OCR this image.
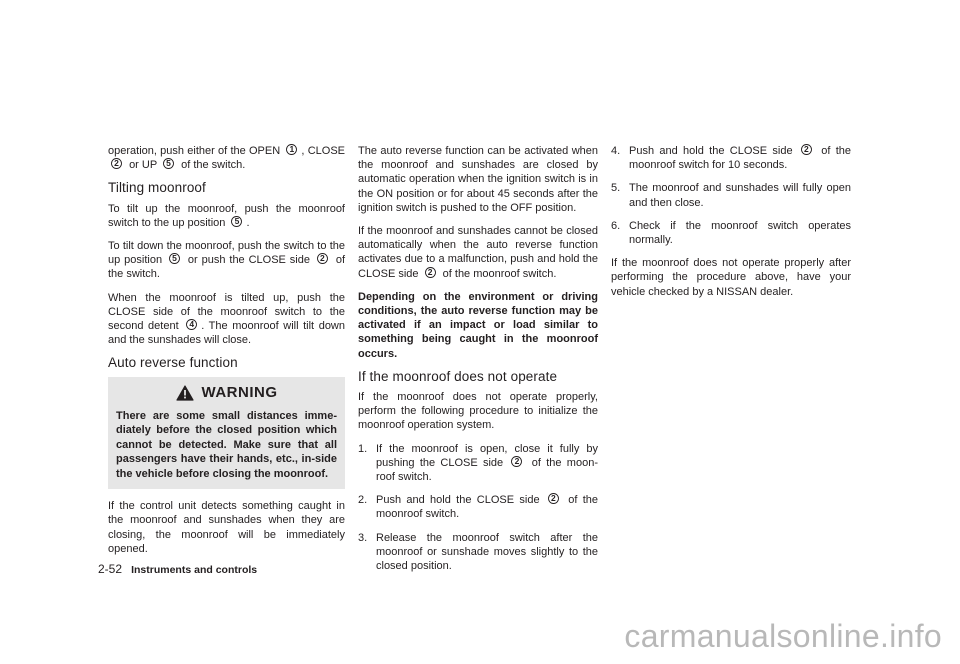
operation, push either of the OPEN	1 , CLOSE
2 or UP	5 of the switch.

Tilting moonroof

To tilt up the moonroof, push the moonroof switch to the up position	5 .

To tilt down the moonroof, push the switch to the up position	5 or push the CLOSE side	2 of the switch.

When the moonroof is tilted up, push the CLOSE side of the moonroof switch to the second detent	4 . The moonroof will tilt down and the sunshades will close.

Auto reverse function
WARNING
There are some small distances imme-diately before the closed position which cannot be detected. Make sure that all passengers have their hands, etc., in-side the vehicle before closing the moonroof.

If the control unit detects something caught in the moonroof and sunshades when they are closing, the moonroof will be immediately opened.

The auto reverse function can be activated when the moonroof and sunshades are closed by automatic operation when the ignition switch is in the ON position or for about 45 seconds after the ignition switch is pushed to the OFF position.

If the moonroof and sunshades cannot be closed automatically when the auto reverse function activates due to a malfunction, push and hold the CLOSE side	2 of the moonroof switch.

Depending on the environment or driving conditions, the auto reverse function may be activated if an impact or load similar to something being caught in the moonroof occurs.

If the moonroof does not operate

If the moonroof does not operate properly, perform the following procedure to initialize the moonroof operation system.

1. If the moonroof is open, close it fully by pushing the CLOSE side	2 of the moon-roof switch.
2. Push and hold the CLOSE side	2 of the moonroof switch.
3. Release the moonroof switch after the moonroof or sunshade moves slightly to the closed position.
4. Push and hold the CLOSE side	2 of the moonroof switch for 10 seconds.
5. The moonroof and sunshades will fully open and then close.
6. Check if the moonroof switch operates normally.

If the moonroof does not operate properly after performing the procedure above, have your vehicle checked by a NISSAN dealer.

2-52 Instruments and controls
carmanualsonline.info
